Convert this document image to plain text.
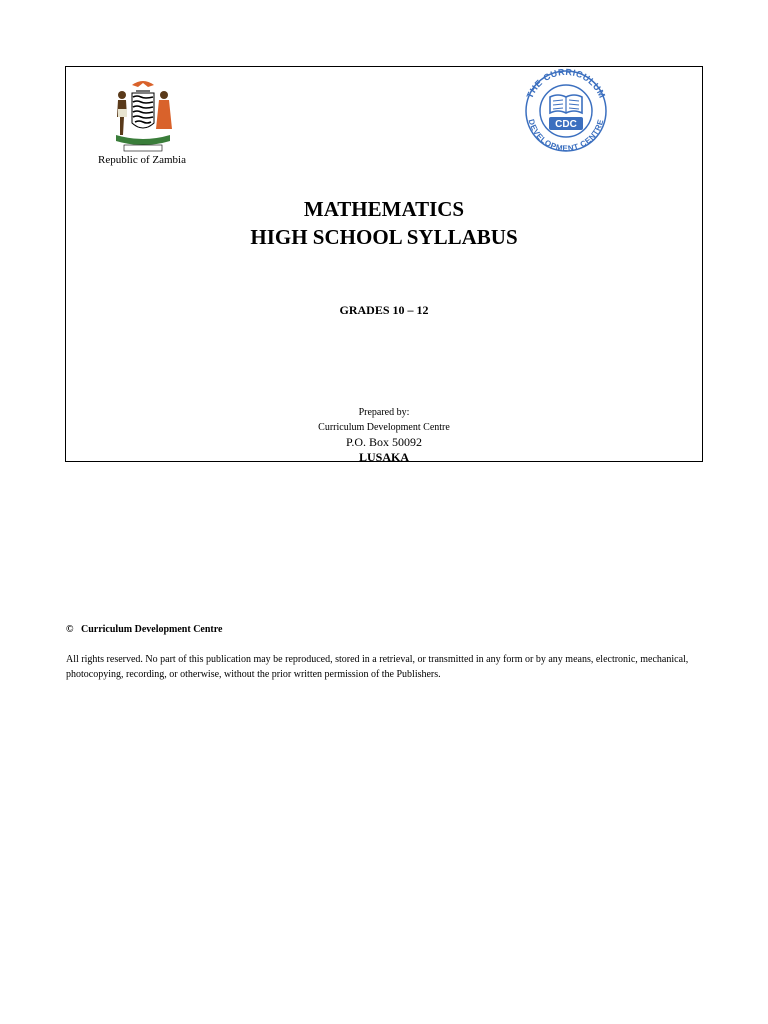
Republic of Zambia
THE CURRICULUM
DEVELOPMENT CENTRE
CDC
MATHEMATICS
HIGH SCHOOL SYLLABUS
GRADES 10 – 12
Prepared by:
Curriculum Development Centre
P.O. Box 50092
LUSAKA
© Curriculum Development Centre
All rights reserved. No part of this publication may be reproduced, stored in a retrieval, or transmitted in any form or by any means, electronic, mechanical, photocopying, recording, or otherwise, without the prior written permission of the Publishers.
